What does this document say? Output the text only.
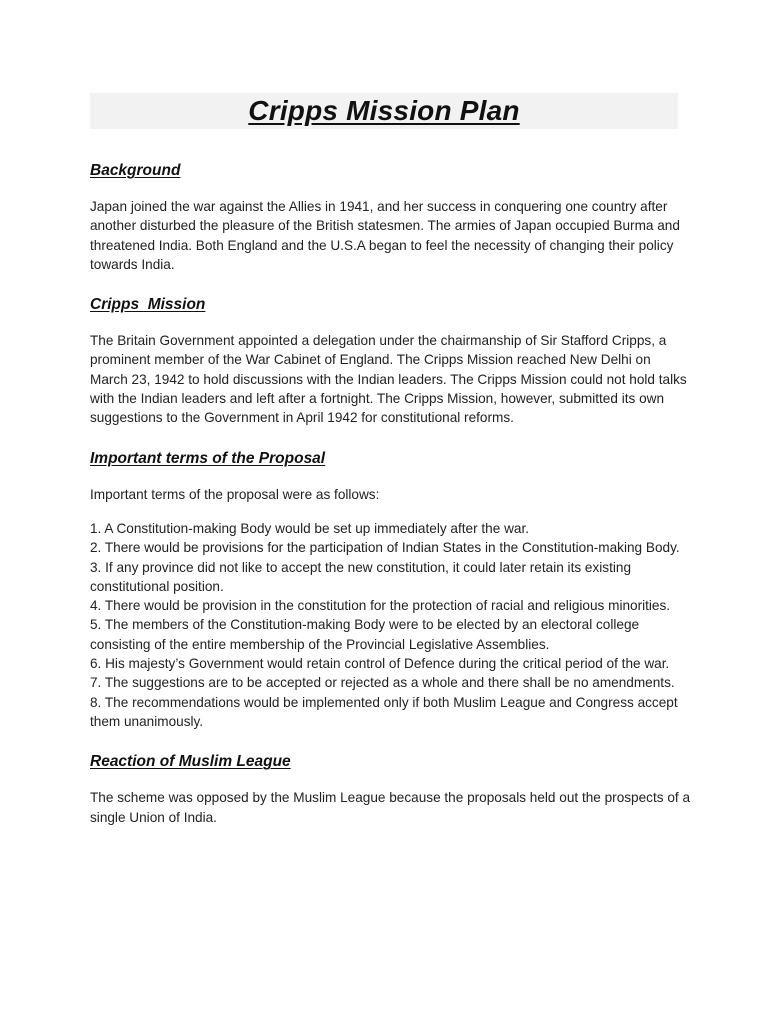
Cripps Mission Plan
Background

Japan joined the war against the Allies in 1941, and her success in conquering one country after another disturbed the pleasure of the British statesmen. The armies of Japan occupied Burma and threatened India. Both England and the U.S.A began to feel the necessity of changing their policy towards India.

Cripps  Mission

The Britain Government appointed a delegation under the chairmanship of Sir Stafford Cripps, a prominent member of the War Cabinet of England. The Cripps Mission reached New Delhi on March 23, 1942 to hold discussions with the Indian leaders. The Cripps Mission could not hold talks with the Indian leaders and left after a fortnight. The Cripps Mission, however, submitted its own suggestions to the Government in April 1942 for constitutional reforms.

Important terms of the Proposal

Important terms of the proposal were as follows:

1. A Constitution-making Body would be set up immediately after the war.

2. There would be provisions for the participation of Indian States in the Constitution-making Body.

3. If any province did not like to accept the new constitution, it could later retain its existing constitutional position.

4. There would be provision in the constitution for the protection of racial and religious minorities.

5. The members of the Constitution-making Body were to be elected by an electoral college consisting of the entire membership of the Provincial Legislative Assemblies.

6. His majesty’s Government would retain control of Defence during the critical period of the war.

7. The suggestions are to be accepted or rejected as a whole and there shall be no amendments.

8. The recommendations would be implemented only if both Muslim League and Congress accept them unanimously.

Reaction of Muslim League

The scheme was opposed by the Muslim League because the proposals held out the prospects of a single Union of India.
